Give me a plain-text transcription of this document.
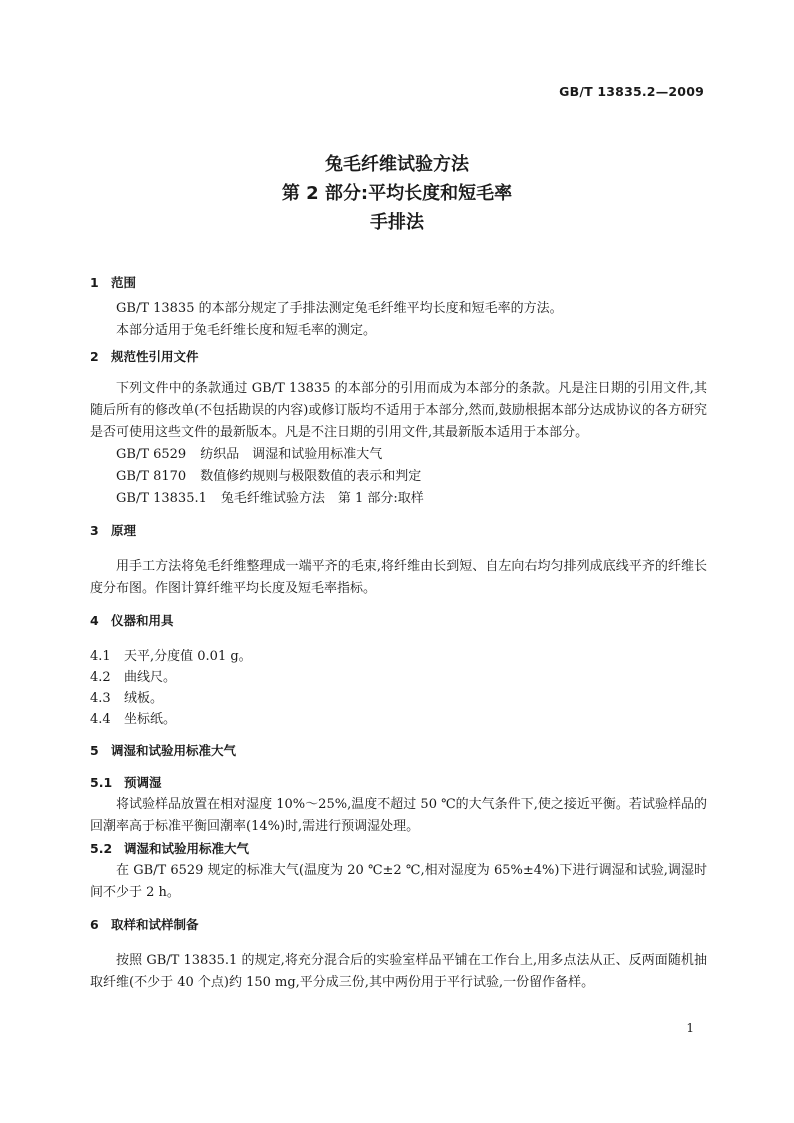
GB/T 13835.2—2009
兔毛纤维试验方法
第 2 部分:平均长度和短毛率
手排法
1 范围
GB/T 13835 的本部分规定了手排法测定兔毛纤维平均长度和短毛率的方法。
本部分适用于兔毛纤维长度和短毛率的测定。
2 规范性引用文件
下列文件中的条款通过 GB/T 13835 的本部分的引用而成为本部分的条款。凡是注日期的引用文件,其随后所有的修改单(不包括勘误的内容)或修订版均不适用于本部分,然而,鼓励根据本部分达成协议的各方研究是否可使用这些文件的最新版本。凡是不注日期的引用文件,其最新版本适用于本部分。
GB/T 6529 纺织品　调湿和试验用标准大气
GB/T 8170 数值修约规则与极限数值的表示和判定
GB/T 13835.1 兔毛纤维试验方法　第 1 部分:取样
3 原理
用手工方法将兔毛纤维整理成一端平齐的毛束,将纤维由长到短、自左向右均匀排列成底线平齐的纤维长度分布图。作图计算纤维平均长度及短毛率指标。
4 仪器和用具
4.1 天平,分度值 0.01 g。
4.2 曲线尺。
4.3 绒板。
4.4 坐标纸。
5 调湿和试验用标准大气
5.1 预调湿
将试验样品放置在相对湿度 10%～25%,温度不超过 50 ℃的大气条件下,使之接近平衡。若试验样品的回潮率高于标准平衡回潮率(14%)时,需进行预调湿处理。
5.2 调湿和试验用标准大气
在 GB/T 6529 规定的标准大气(温度为 20 ℃±2 ℃,相对湿度为 65%±4%)下进行调湿和试验,调湿时间不少于 2 h。
6 取样和试样制备
按照 GB/T 13835.1 的规定,将充分混合后的实验室样品平铺在工作台上,用多点法从正、反两面随机抽取纤维(不少于 40 个点)约 150 mg,平分成三份,其中两份用于平行试验,一份留作备样。
1
